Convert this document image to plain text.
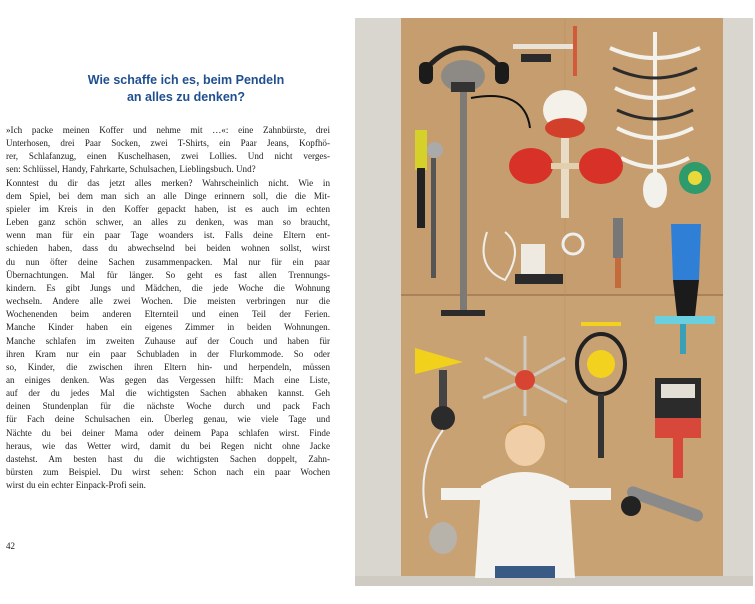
Wie schaffe ich es, beim Pendeln
an alles zu denken?
»Ich packe meinen Koffer und nehme mit …«: eine Zahnbürste, drei
Unterhosen, drei Paar Socken, zwei T-Shirts, ein Paar Jeans, Kopfhö-
rer, Schlafanzug, einen Kuschelhasen, zwei Lollies. Und nicht verges-
sen: Schlüssel, Handy, Fahrkarte, Schulsachen, Lieblingsbuch. Und?
Konntest du dir das jetzt alles merken? Wahrscheinlich nicht. Wie in
dem Spiel, bei dem man sich an alle Dinge erinnern soll, die die Mit-
spieler im Kreis in den Koffer gepackt haben, ist es auch im echten
Leben ganz schön schwer, an alles zu denken, was man so braucht,
wenn man für ein paar Tage woanders ist. Falls deine Eltern ent-
schieden haben, dass du abwechselnd bei beiden wohnen sollst, wirst
du nun öfter deine Sachen zusammenpacken. Mal nur für ein paar
Übernachtungen. Mal für länger. So geht es fast allen Trennungs-
kindern. Es gibt Jungs und Mädchen, die jede Woche die Wohnung
wechseln. Andere alle zwei Wochen. Die meisten verbringen nur die
Wochenenden beim anderen Elternteil und einen Teil der Ferien.
Manche Kinder haben ein eigenes Zimmer in beiden Wohnungen.
Manche schlafen im zweiten Zuhause auf der Couch und haben für
ihren Kram nur ein paar Schubladen in der Flurkommode. So oder
so, Kinder, die zwischen ihren Eltern hin- und herpendeln, müssen
an einiges denken. Was gegen das Vergessen hilft: Mach eine Liste,
auf der du jedes Mal die wichtigsten Sachen abhaken kannst. Geh
deinen Stundenplan für die nächste Woche durch und pack Fach
für Fach deine Schulsachen ein. Überleg genau, wie viele Tage und
Nächte du bei deiner Mama oder deinem Papa schlafen wirst. Finde
heraus, wie das Wetter wird, damit du bei Regen nicht ohne Jacke
dastehst. Am besten hast du die wichtigsten Sachen doppelt, Zahn-
bürsten zum Beispiel. Du wirst sehen: Schon nach ein paar Wochen
wirst du ein echter Einpack-Profi sein.
42
